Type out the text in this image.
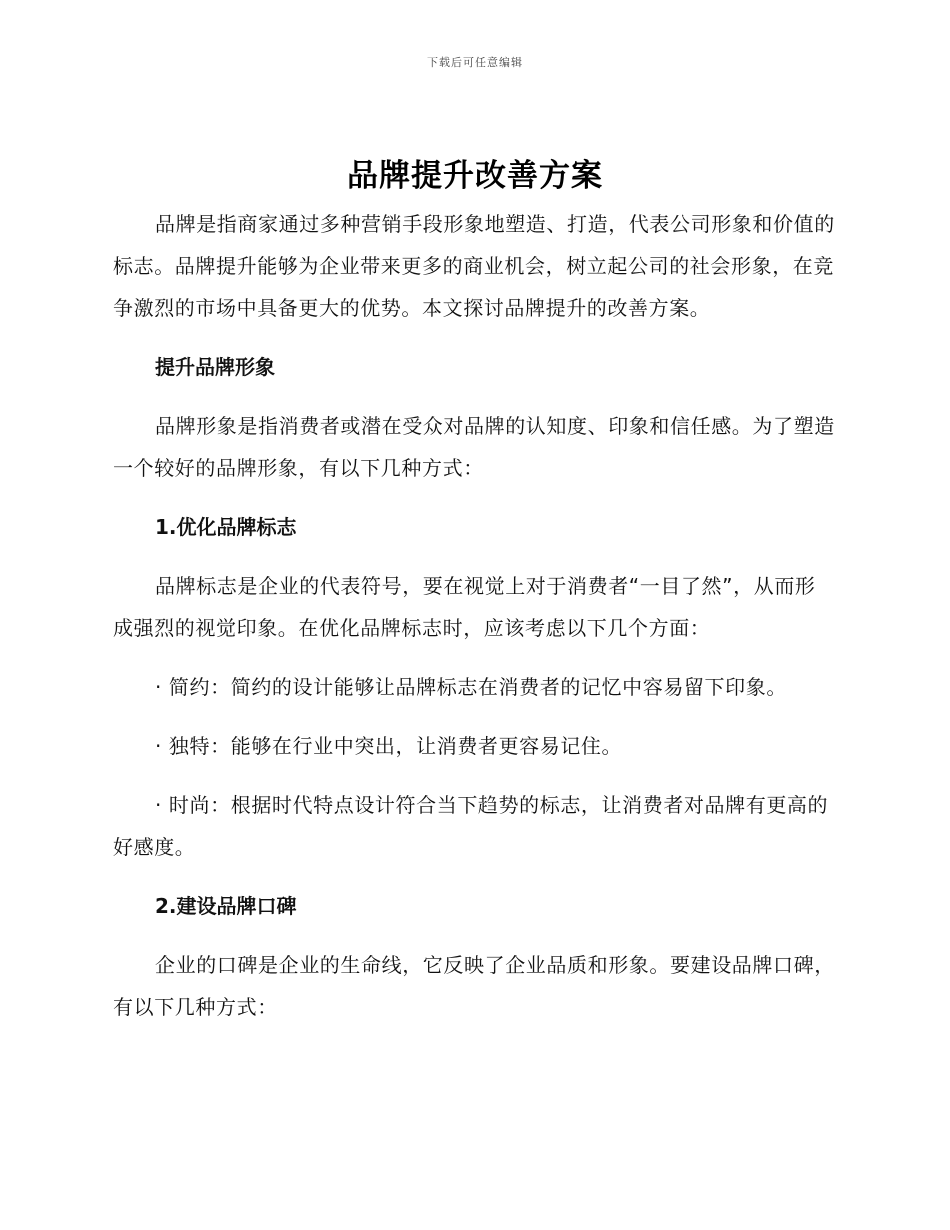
下载后可任意编辑
品牌提升改善方案

品牌是指商家通过多种营销手段形象地塑造、打造，代表公司形象和价值的标志。品牌提升能够为企业带来更多的商业机会，树立起公司的社会形象，在竞争激烈的市场中具备更大的优势。本文探讨品牌提升的改善方案。

提升品牌形象

品牌形象是指消费者或潜在受众对品牌的认知度、印象和信任感。为了塑造一个较好的品牌形象，有以下几种方式：

1.优化品牌标志

品牌标志是企业的代表符号，要在视觉上对于消费者“一目了然”，从而形成强烈的视觉印象。在优化品牌标志时，应该考虑以下几个方面：

· 简约：简约的设计能够让品牌标志在消费者的记忆中容易留下印象。

· 独特：能够在行业中突出，让消费者更容易记住。

· 时尚：根据时代特点设计符合当下趋势的标志，让消费者对品牌有更高的好感度。

2.建设品牌口碑

企业的口碑是企业的生命线，它反映了企业品质和形象。要建设品牌口碑，有以下几种方式：
